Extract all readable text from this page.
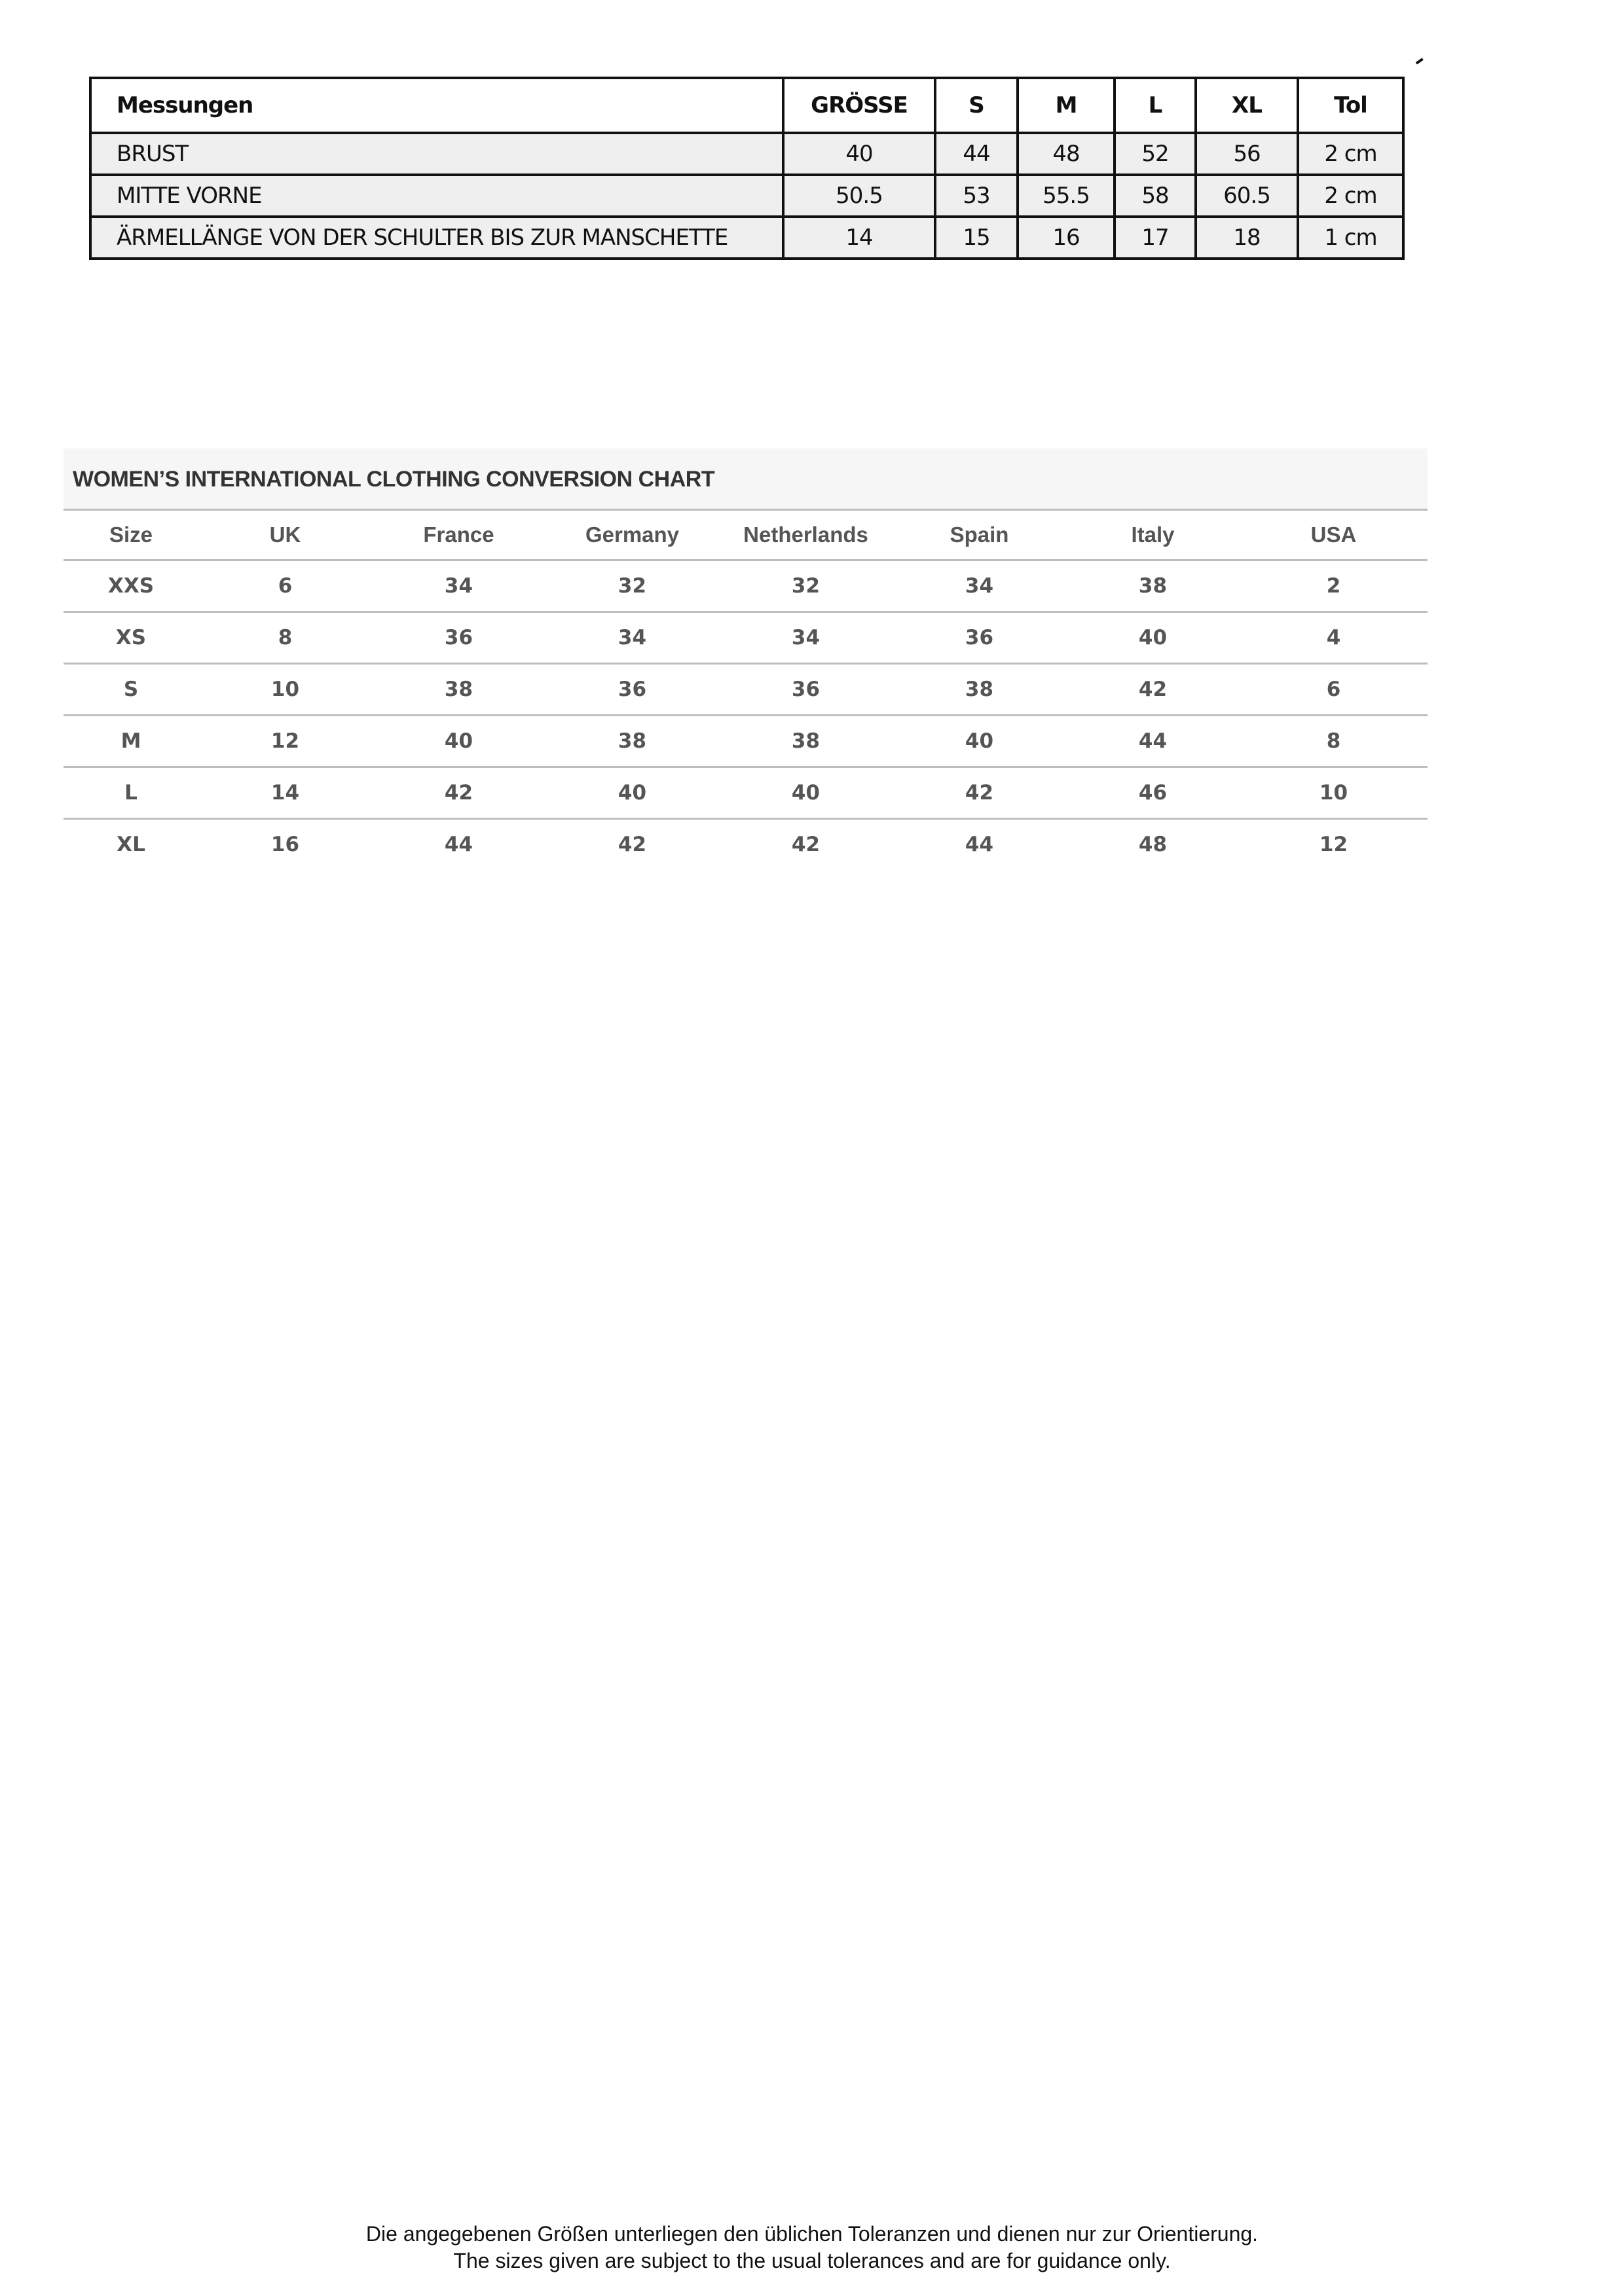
Messungen	GRÖSSE	S	M	L	XL	Tol
BRUST	40	44	48	52	56	2 cm
MITTE VORNE	50.5	53	55.5	58	60.5	2 cm
ÄRMELLÄNGE VON DER SCHULTER BIS ZUR MANSCHETTE	14	15	16	17	18	1 cm
WOMEN’S INTERNATIONAL CLOTHING CONVERSION CHART
Size	UK	France	Germany	Netherlands	Spain	Italy	USA
XXS	6	34	32	32	34	38	2
XS	8	36	34	34	36	40	4
S	10	38	36	36	38	42	6
M	12	40	38	38	40	44	8
L	14	42	40	40	42	46	10
XL	16	44	42	42	44	48	12
Die angegebenen Größen unterliegen den üblichen Toleranzen und dienen nur zur Orientierung.
The sizes given are subject to the usual tolerances and are for guidance only.
